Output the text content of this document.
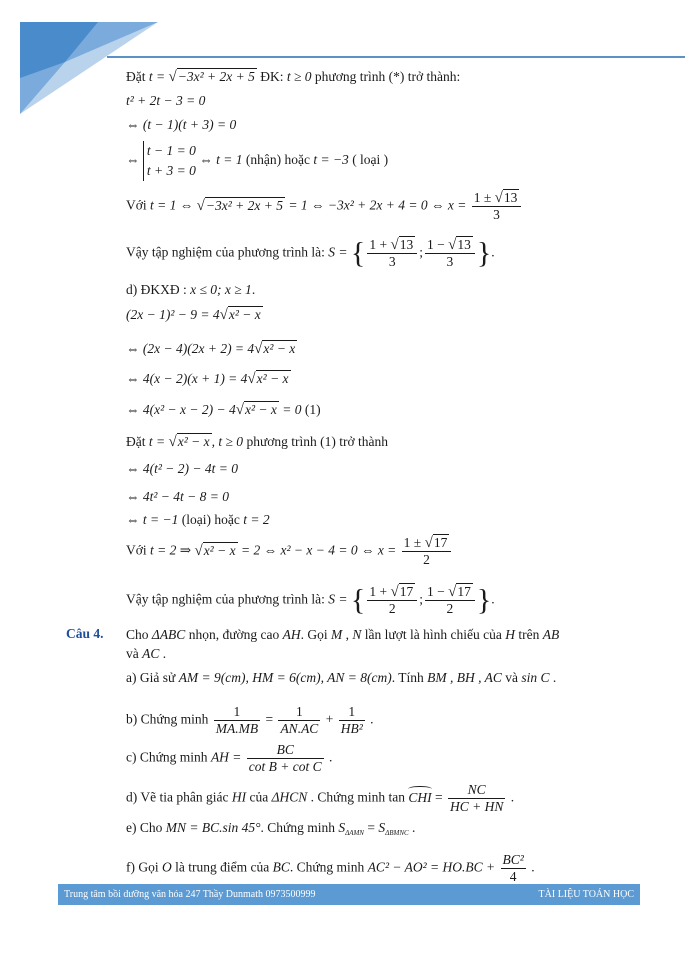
Đặt t = √−3x² + 2x + 5 ĐK: t ≥ 0 phương trình (*) trở thành:
t² + 2t − 3 = 0
⇔ (t − 1)(t + 3) = 0
⇔
t − 1 = 0
t + 3 = 0
⇔ t = 1 (nhận) hoặc t = −3 ( loại )
Với t = 1 ⇔ √−3x² + 2x + 5 = 1 ⇔ −3x² + 2x + 4 = 0 ⇔ $x = \frac{1 \pm √13}{3}$
Vậy tập nghiệm của phương trình là: S = { $\frac{1 + √13}{3}$ ; $\frac{1 - √13}{3}$ }.
d) ĐKXĐ : x ≤ 0; x ≥ 1.
(2x − 1)² − 9 = 4√x² − x
⇔ (2x − 4)(2x + 2) = 4√x² − x
⇔ 4(x − 2)(x + 1) = 4√x² − x
⇔ 4(x² − x − 2) − 4√x² − x = 0 (1)
Đặt t = √x² − x , t ≥ 0 phương trình (1) trở thành
⇔ 4(t² − 2) − 4t = 0
⇔ 4t² − 4t − 8 = 0
⇔ t = −1 (loại) hoặc t = 2
Với t = 2 ⇒ √x² − x = 2 ⇔ x² − x − 4 = 0 ⇔ $x = \frac{1 \pm √17}{2}$
Vậy tập nghiệm của phương trình là: S = { $\frac{1 + √17}{2}$ ; $\frac{1 - √17}{2}$ }.
Cho ΔABC nhọn, đường cao AH. Gọi M , N lần lượt là hình chiếu của H trên AB
và AC .
a) Giả sử AM = 9(cm), HM = 6(cm), AN = 8(cm). Tính BM , BH , AC và sin C .
b) Chứng minh $\frac{1}{MA.MB} = \frac{1}{AN.AC} + \frac{1}{\text{HB²}}$ .
c) Chứng minh AH = $\frac{BC}{\text{cot B + cot C}}$ .
d) Vẽ tia phân giác HI của ΔHCN . Chứng minh tan CHI = $\frac{NC}{HC + HN}$ .
e) Cho MN = BC.sin 45°. Chứng minh $S_{\Delta AMN} = S_{\Delta BMNC}$ .
f) Gọi O là trung điểm của BC. Chứng minh $AC^2 - AO^2 = HO.BC + \frac{\text{BC²}}{4}$ .
Câu 4.
Trung tâm bồi dưỡng văn hóa 247 Thầy Dunmath 0973500999	TÀI LIỆU TOÁN HỌC
